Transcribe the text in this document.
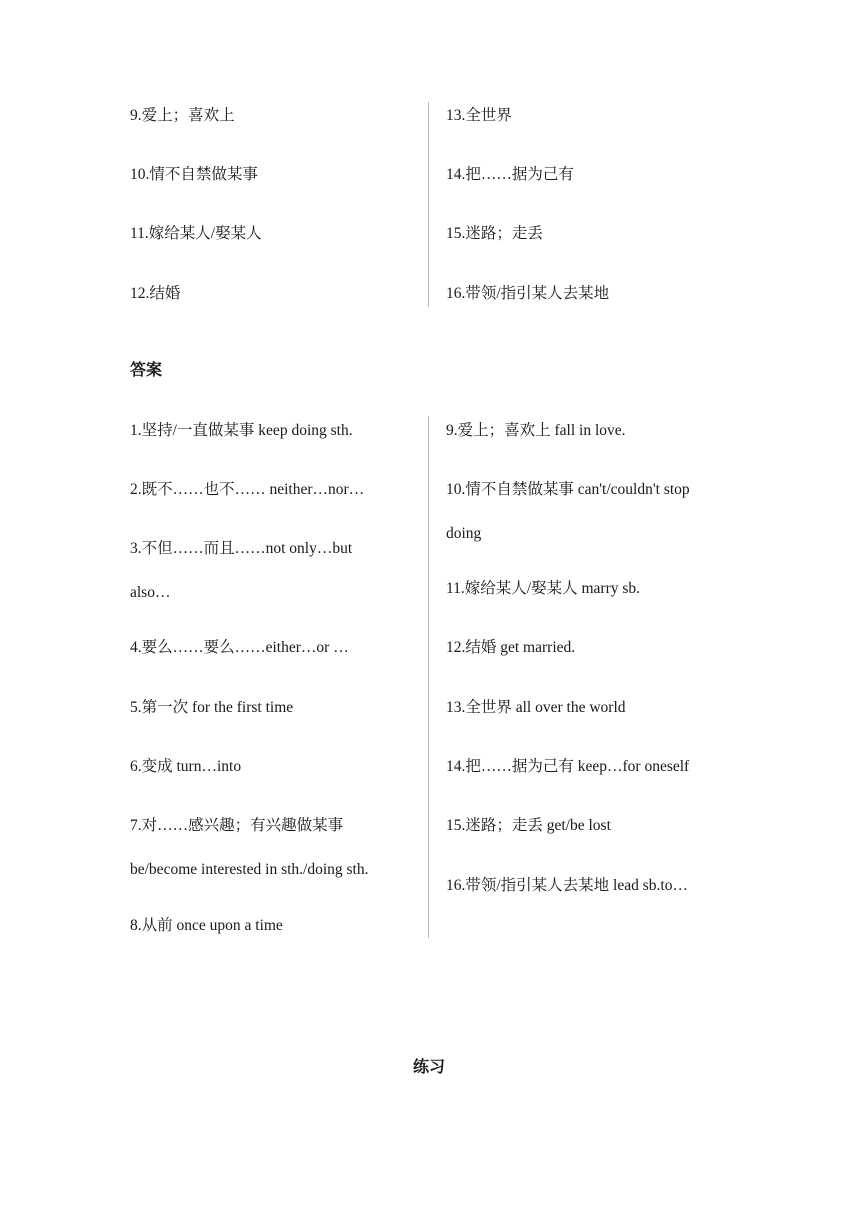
9.爱上；喜欢上
10.情不自禁做某事
11.嫁给某人/娶某人
12.结婚
13.全世界
14.把……据为己有
15.迷路；走丢
16.带领/指引某人去某地
答案
1.坚持/一直做某事 keep doing sth.
2.既不……也不…… neither…nor…
3.不但……而且……not only…but
also…
4.要么……要么……either…or …
5.第一次 for the first time
6.变成 turn…into
7.对……感兴趣；有兴趣做某事
be/become interested in sth./doing sth.
8.从前 once upon a time
9.爱上；喜欢上 fall in love.
10.情不自禁做某事 can't/couldn't stop
doing
11.嫁给某人/娶某人 marry sb.
12.结婚 get married.
13.全世界 all over the world
14.把……据为己有 keep…for oneself
15.迷路；走丢 get/be lost
16.带领/指引某人去某地 lead sb.to…
练习
